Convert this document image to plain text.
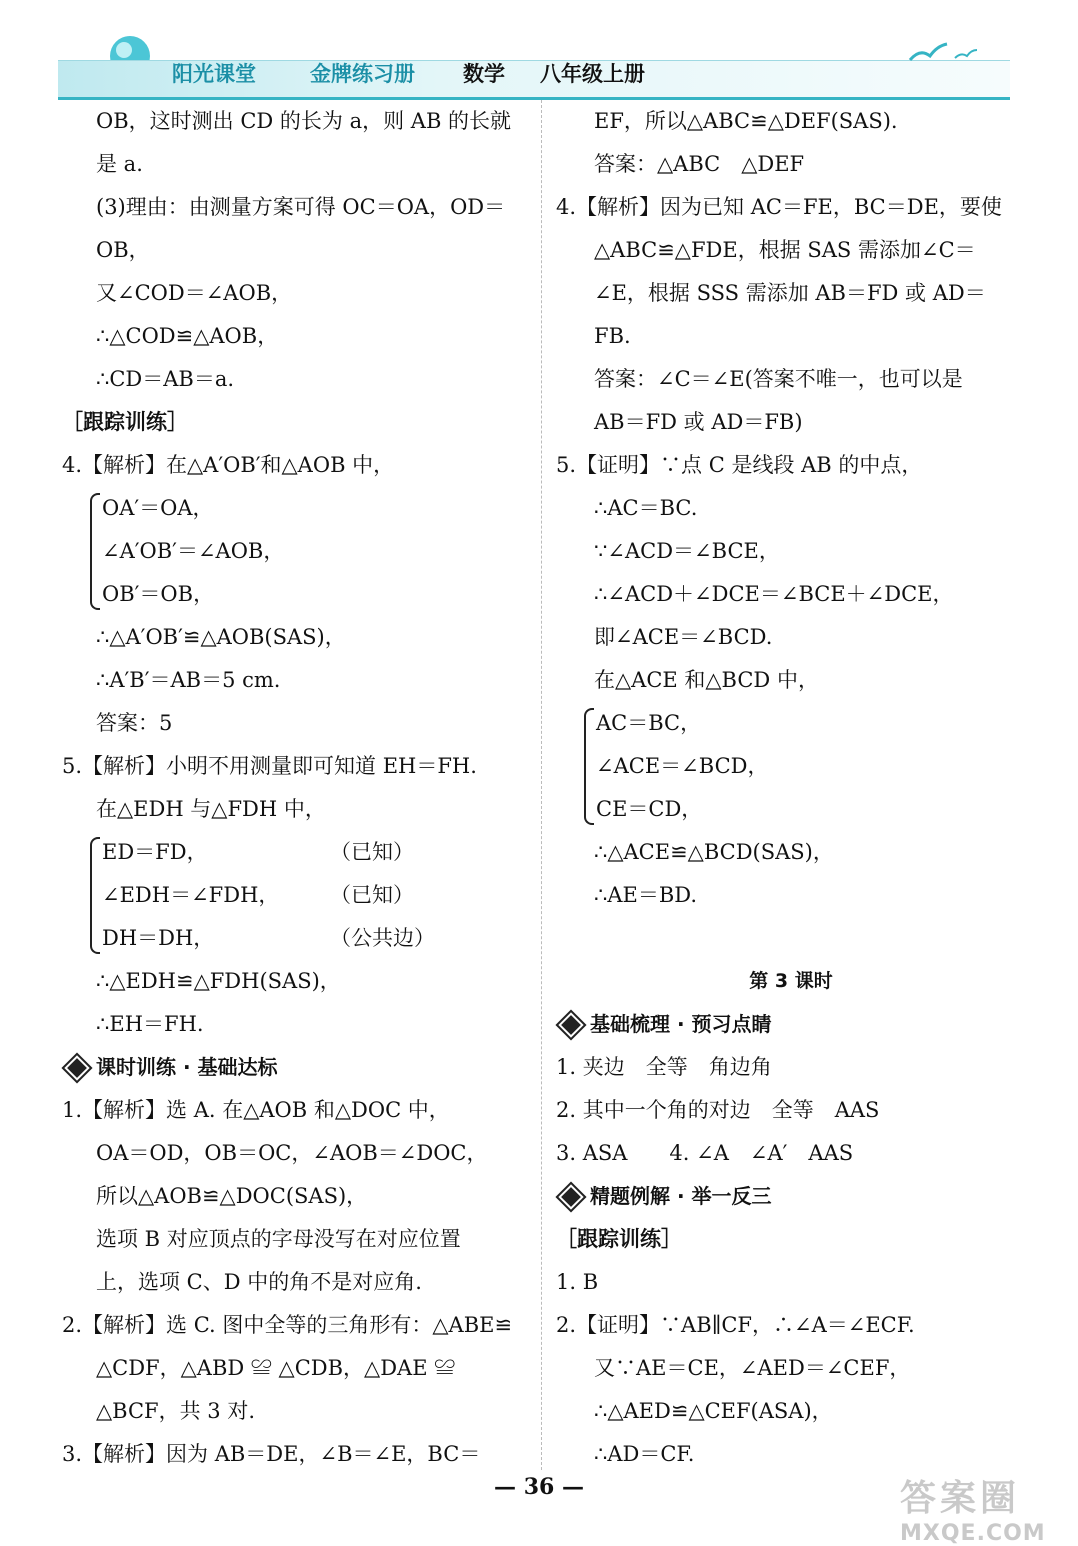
阳光课堂	金牌练习册 数学 八年级上册
OB，这时测出 CD 的长为 a，则 AB 的长就
是 a.
(3)理由：由测量方案可得 OC＝OA，OD＝
OB，
又∠COD＝∠AOB，
∴△COD≌△AOB，
∴CD＝AB＝a.
［跟踪训练］
4.【解析】在△A′OB′和△AOB 中，
OA′＝OA，
∠A′OB′＝∠AOB，
OB′＝OB，
∴△A′OB′≌△AOB(SAS)，
∴A′B′＝AB＝5 cm.
答案：5
5.【解析】小明不用测量即可知道 EH＝FH.
在△EDH 与△FDH 中，
ED＝FD，	（已知）
∠EDH＝∠FDH， （已知）
DH＝DH，	（公共边）
∴△EDH≌△FDH(SAS)，
∴EH＝FH.
课时训练 · 基础达标
1.【解析】选 A. 在△AOB 和△DOC 中，
OA＝OD，OB＝OC，∠AOB＝∠DOC，
所以△AOB≌△DOC(SAS)，
选项 B 对应顶点的字母没写在对应位置
上，选项 C、D 中的角不是对应角.
2.【解析】选 C. 图中全等的三角形有：△ABE≌
△CDF，△ABD ≌ △CDB，△DAE ≌
△BCF，共 3 对.
3.【解析】因为 AB＝DE，∠B＝∠E，BC＝
EF，所以△ABC≌△DEF(SAS).
答案：△ABC　△DEF
4.【解析】因为已知 AC＝FE，BC＝DE，要使
△ABC≌△FDE，根据 SAS 需添加∠C＝
∠E，根据 SSS 需添加 AB＝FD 或 AD＝
FB.
答案：∠C＝∠E(答案不唯一，也可以是
AB＝FD 或 AD＝FB)
5.【证明】∵点 C 是线段 AB 的中点，
∴AC＝BC.
∵∠ACD＝∠BCE，
∴∠ACD＋∠DCE＝∠BCE＋∠DCE，
即∠ACE＝∠BCD.
在△ACE 和△BCD 中，
AC＝BC，
∠ACE＝∠BCD，
CE＝CD，
∴△ACE≌△BCD(SAS)，
∴AE＝BD.
第 3 课时
基础梳理 · 预习点睛
1. 夹边　全等　角边角
2. 其中一个角的对边　全等　AAS
3. ASA　　4. ∠A　∠A′　AAS
精题例解 · 举一反三
［跟踪训练］
1. B
2.【证明】∵AB∥CF，∴∠A＝∠ECF.
又∵AE＝CE，∠AED＝∠CEF，
∴△AED≌△CEF(ASA)，
∴AD＝CF.
— 36 —	答案圈
MXQE.COM
